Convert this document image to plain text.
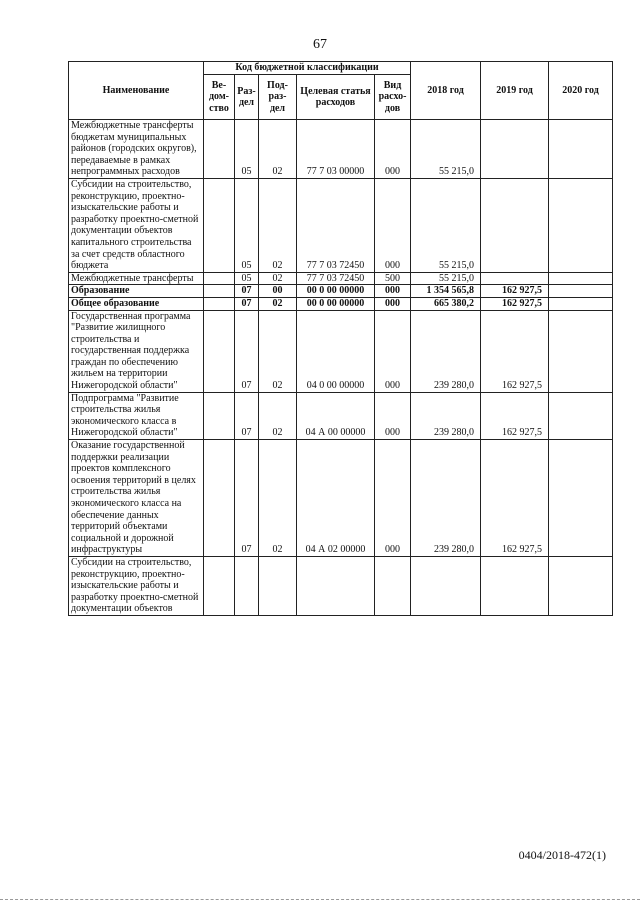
67
Наименование	Код бюджетной классификации					2018 год	2019 год	2020 год
	Ве-дом-ство	Раз-дел	Под-раз-дел	Целевая статья расходов	Вид расхо-дов			
Межбюджетные трансферты бюджетам муниципальных районов (городских округов), передаваемые в рамках непрограммных расходов		05	02	77 7 03 00000	000	55 215,0		
Субсидии на строительство, реконструкцию, проектно-изыскательские работы и разработку проектно-сметной документации объектов капитального строительства за счет средств областного бюджета		05	02	77 7 03 72450	000	55 215,0		
Межбюджетные трансферты		05	02	77 7 03 72450	500	55 215,0		
Образование		07	00	00 0 00 00000	000	1 354 565,8	162 927,5	
Общее образование		07	02	00 0 00 00000	000	665 380,2	162 927,5	
Государственная программа "Развитие жилищного строительства и государственная поддержка граждан по обеспечению жильем на территории Нижегородской области"		07	02	04 0 00 00000	000	239 280,0	162 927,5	
Подпрограмма "Развитие строительства жилья экономического класса в Нижегородской области"		07	02	04 А 00 00000	000	239 280,0	162 927,5	
Оказание государственной поддержки реализации проектов комплексного освоения территорий в целях строительства жилья экономического класса на обеспечение данных территорий объектами социальной и дорожной инфраструктуры		07	02	04 А 02 00000	000	239 280,0	162 927,5	
Субсидии на строительство, реконструкцию, проектно-изыскательские работы и разработку проектно-сметной документации объектов								
0404/2018-472(1)
